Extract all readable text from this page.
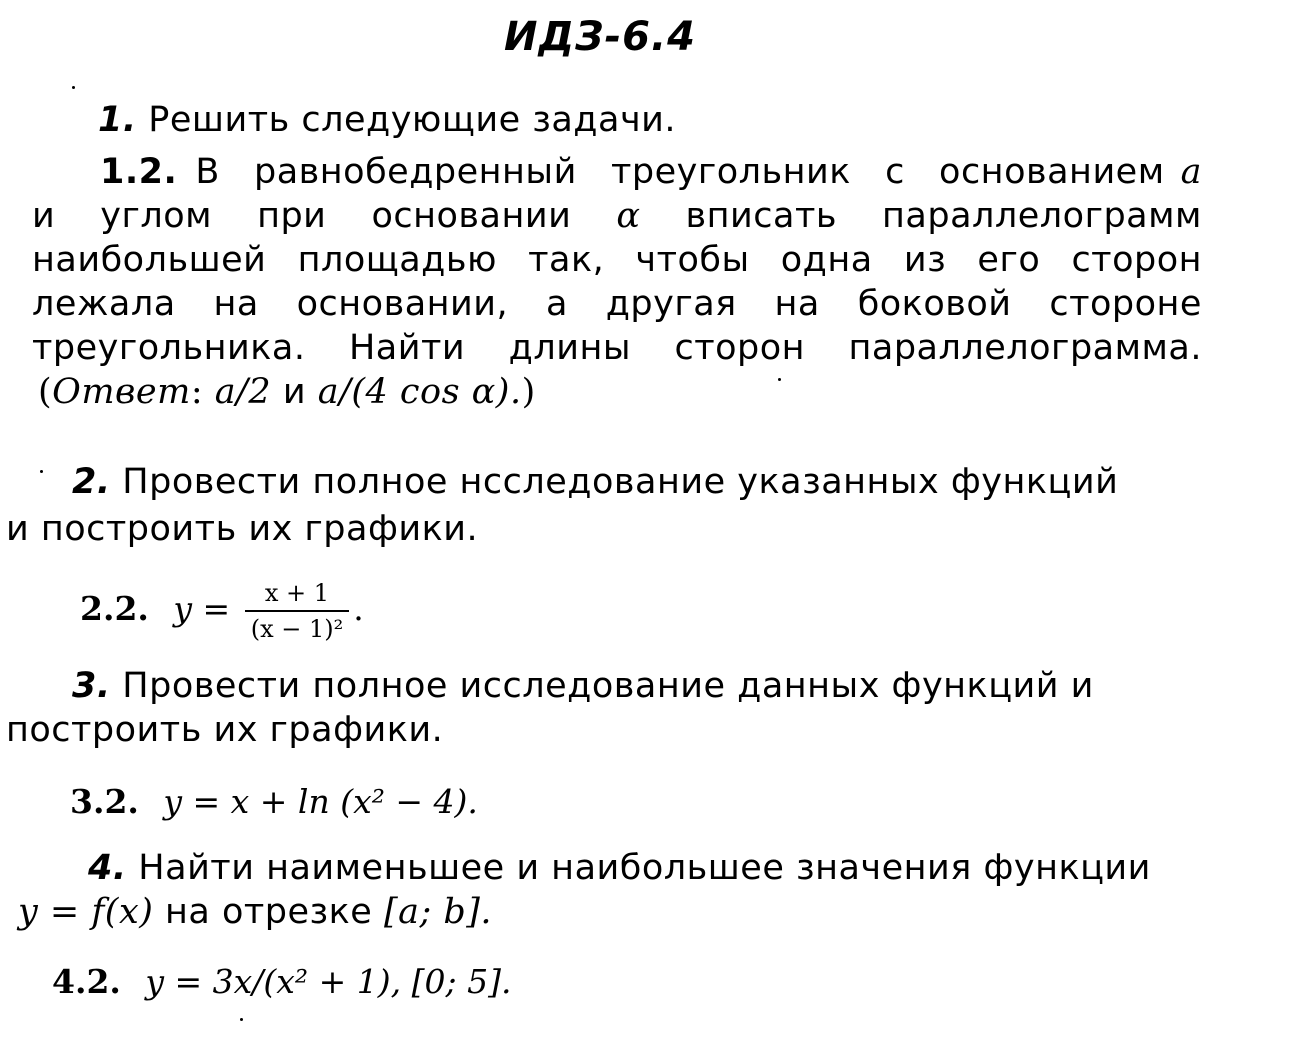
ИДЗ-6.4
1. Решить следующие задачи.
1.2. В равнобедренный треугольник с основанием a
и углом при основании α вписать параллелограмм
наибольшей площадью так, чтобы одна из его сторон
лежала на основании, а другая на боковой стороне
треугольника. Найти длины сторон параллелограмма.
(Ответ: a/2 и a/(4 cos α).)
2. Провести полное нсследование указанных функций
и построить их графики.
2.2. $y = \frac{x + 1}{\text{(x − 1)²}}$ .
3. Провести полное исследование данных функций и
построить их графики.
3.2. y = x + ln (x² − 4).
4. Найти наименьшее и наибольшее значения функции
y = f(x) на отрезке [a; b].
4.2. y = 3x/(x² + 1), [0; 5].
